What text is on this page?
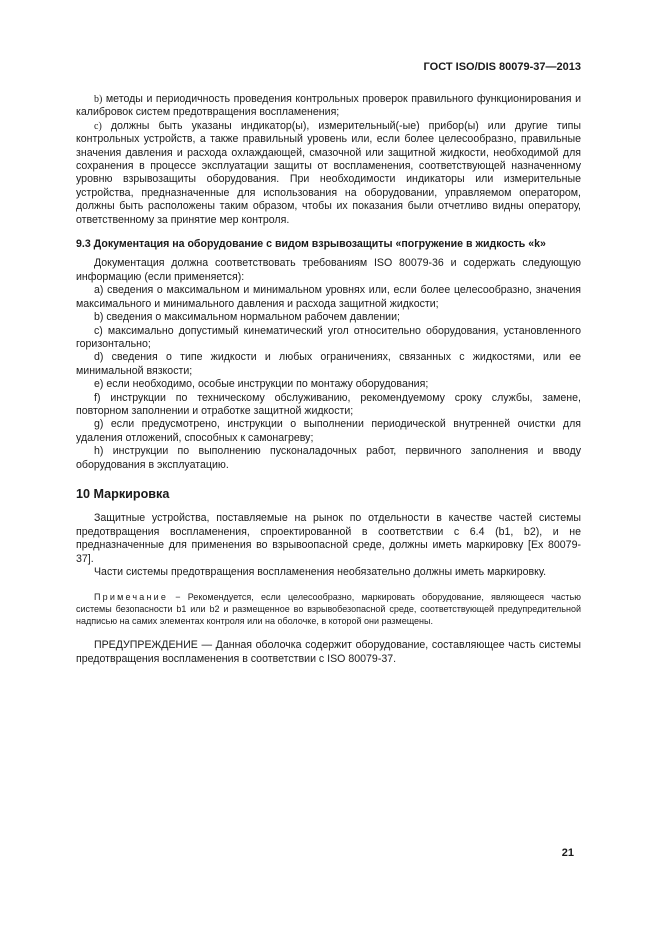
ГОСТ ISO/DIS 80079-37—2013

b) методы и периодичность проведения контрольных проверок правильного функционирования и калибровок систем предотвращения воспламенения;

c) должны быть указаны индикатор(ы), измерительный(-ые) прибор(ы) или другие типы контрольных устройств, а также правильный уровень или, если более целесообразно, правильные значения давления и расхода охлаждающей, смазочной или защитной жидкости, необходимой для сохранения в процессе эксплуатации защиты от воспламенения, соответствующей назначенному уровню взрывозащиты оборудования. При необходимости индикаторы или измерительные устройства, предназначенные для использования на оборудовании, управляемом оператором, должны быть расположены таким образом, чтобы их показания были отчетливо видны оператору, ответственному за принятие мер контроля.

9.3 Документация на оборудование с видом взрывозащиты «погружение в жидкость «k»

Документация должна соответствовать требованиям ISO 80079-36 и содержать следующую информацию (если применяется):

а) сведения о максимальном и минимальном уровнях или, если более целесообразно, значения максимального и минимального давления и расхода защитной жидкости;

b) сведения о максимальном нормальном рабочем давлении;

с) максимально допустимый кинематический угол относительно оборудования, установленного горизонтально;

d) сведения о типе жидкости и любых ограничениях, связанных с жидкостями, или ее минимальной вязкости;

е) если необходимо, особые инструкции по монтажу оборудования;

f) инструкции по техническому обслуживанию, рекомендуемому сроку службы, замене, повторном заполнении и отработке защитной жидкости;

g) если предусмотрено, инструкции о выполнении периодической внутренней очистки для удаления отложений, способных к самонагреву;

h) инструкции по выполнению пусконаладочных работ, первичного заполнения и вводу оборудования в эксплуатацию.

10 Маркировка

Защитные устройства, поставляемые на рынок по отдельности в качестве частей системы предотвращения воспламенения, спроектированной в соответствии с 6.4 (b1, b2), и не предназначенные для применения во взрывоопасной среде, должны иметь маркировку [Ex 80079-37].

Части системы предотвращения воспламенения необязательно должны иметь маркировку.

Примечание − Рекомендуется, если целесообразно, маркировать оборудование, являющееся частью системы безопасности b1 или b2 и размещенное во взрывобезопасной среде, соответствующей предупредительной надписью на самих элементах контроля или на оболочке, в которой они размещены.

ПРЕДУПРЕЖДЕНИЕ — Данная оболочка содержит оборудование, составляющее часть системы предотвращения воспламенения в соответствии с ISO 80079-37.

21
